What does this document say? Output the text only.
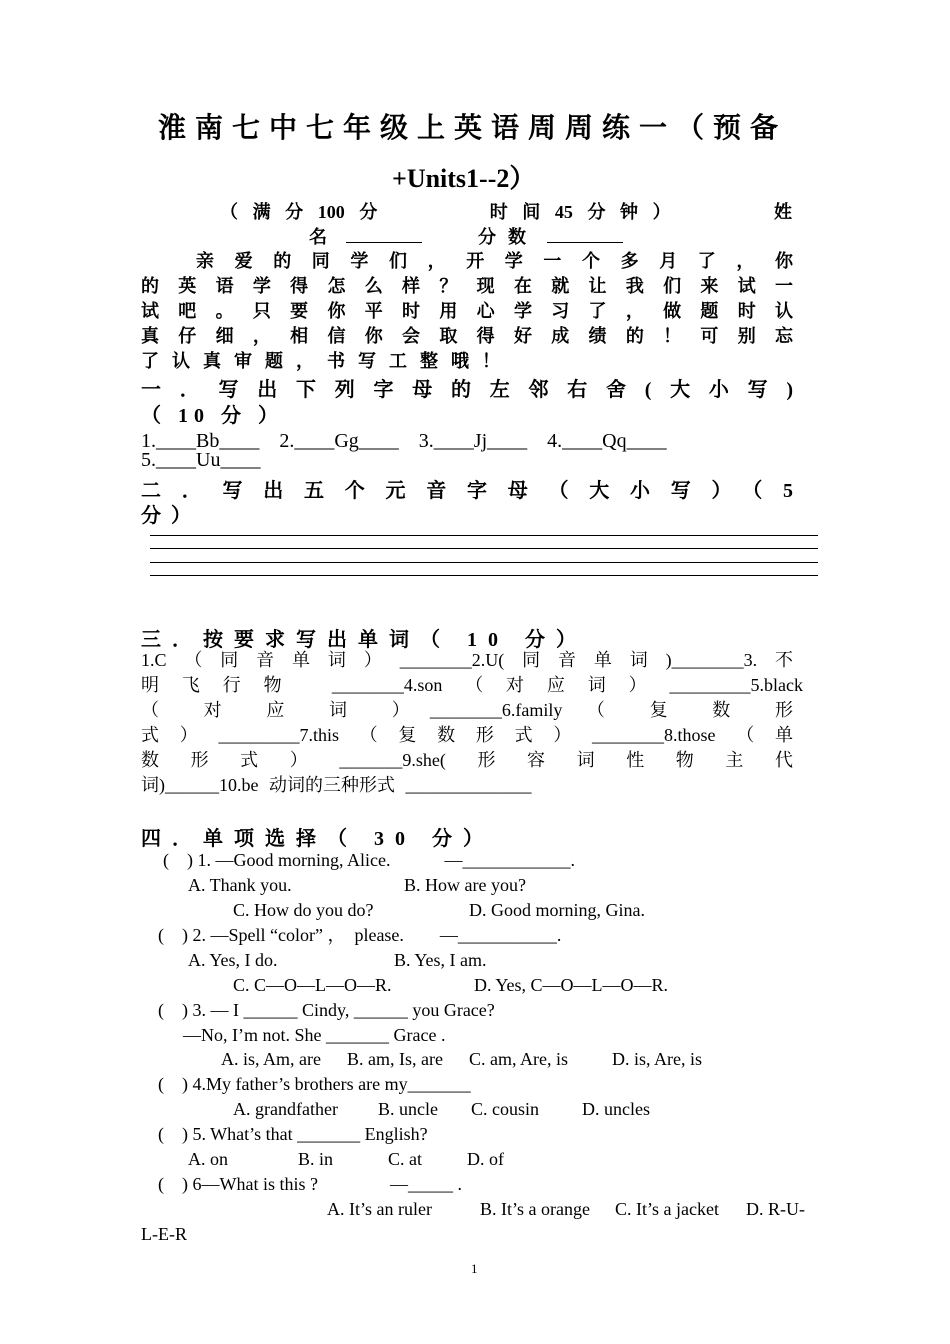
淮南七中七年级上英语周周练一（预备
+Units1--2）
（满分100分　　　时间45分钟）　　　姓
名	分数
亲爱的同学们，开学一个多月了，你
的英语学得怎么样？现在就让我们来试一
试吧。只要你平时用心学习了，做题时认
真仔细，相信你会取得好成绩的！可别忘
了认真审题，书写工整哦！
一．写出下列字母的左邻右舍(大小写)
（ 10 分 ）
1.____Bb____　2.____Gg____　3.____Jj____　4.____Qq____
5.____Uu____
二．写出五个元音字母（大小写）（5
分）
三．按要求写出单词（ 10 分）
1.C（同音单词）________2.U(同音单词)________3.不
明飞行物 ________4.son（对应词）_________5.black
（ 对 应 词 ）________6.family （ 复 数 形
式）_________7.this（复数形式）________8.those（单
数形式）_______9.she(形容词性物主代
词)______10.be 动词的三种形式 ______________
四．单项选择（ 30 分）
(　) 1. —Good morning, Alice.　　　—____________.
A. Thank you.	B. How are you?
C. How do you do?	D. Good morning, Gina.
(　) 2. —Spell “color” ，　please.　　—___________.
A. Yes, I do.	B. Yes, I am.
C. C—O—L—O—R.	D. Yes, C—O—L—O—R.
(　) 3. — I ______ Cindy, ______ you Grace?
—No, I’m not. She _______ Grace .
A. is, Am, are B. am, Is, are C. am, Are, is D. is, Are, is
(　) 4.My father’s brothers are my_______
A. grandfather B. uncle C. cousin D. uncles
(　) 5. What’s that _______ English?
A. on	B. in	C. at	D. of
(　) 6—What is this ?　　　　—_____ .
A. It’s an ruler	B. It’s a orange C. It’s a jacket D. R-U-
L-E-R
1
